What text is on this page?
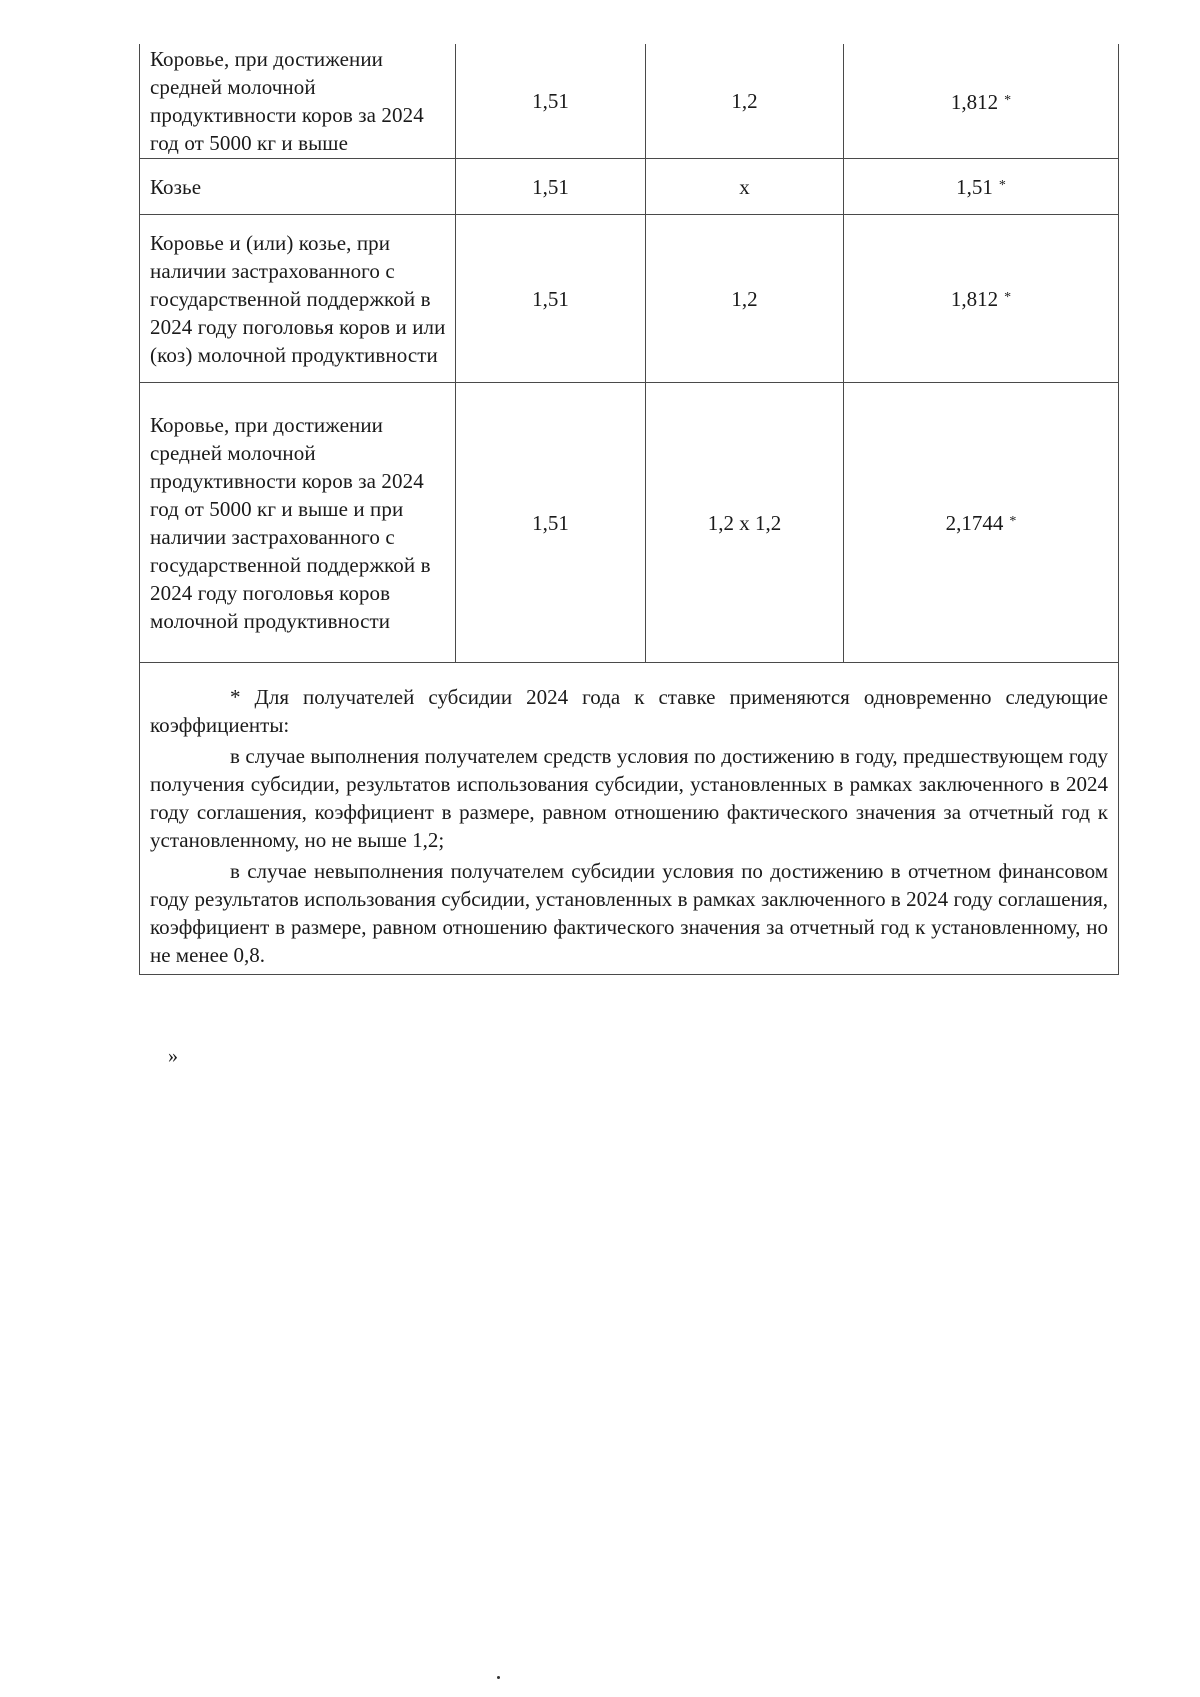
Коровье, при достижении средней молочной продуктивности коров за 2024 год от 5000 кг и выше	1,51	1,2	1,812 *
Козье	1,51	х	1,51 *
Коровье и (или) козье, при наличии застрахованного с государственной поддержкой в 2024 году поголовья коров и или (коз) молочной продуктивности	1,51	1,2	1,812 *
Коровье, при достижении средней молочной продуктивности коров за 2024 год от 5000 кг и выше и при наличии застрахованного с государственной поддержкой в 2024 году поголовья коров молочной продуктивности	1,51	1,2 х 1,2	2,1744 *

* Для получателей субсидии 2024 года к ставке применяются одновременно следующие коэффициенты:

в случае выполнения получателем средств условия по достижению в году, предшествующем году получения субсидии, результатов использования субсидии, установленных в рамках заключенного в 2024 году соглашения, коэффициент в размере, равном отношению фактического значения за отчетный год к установленному, но не выше 1,2;

в случае невыполнения получателем субсидии условия по достижению в отчетном финансовом году результатов использования субсидии, установленных в рамках заключенного в 2024 году соглашения, коэффициент в размере, равном отношению фактического значения за отчетный год к установленному, но не менее 0,8.			

»
